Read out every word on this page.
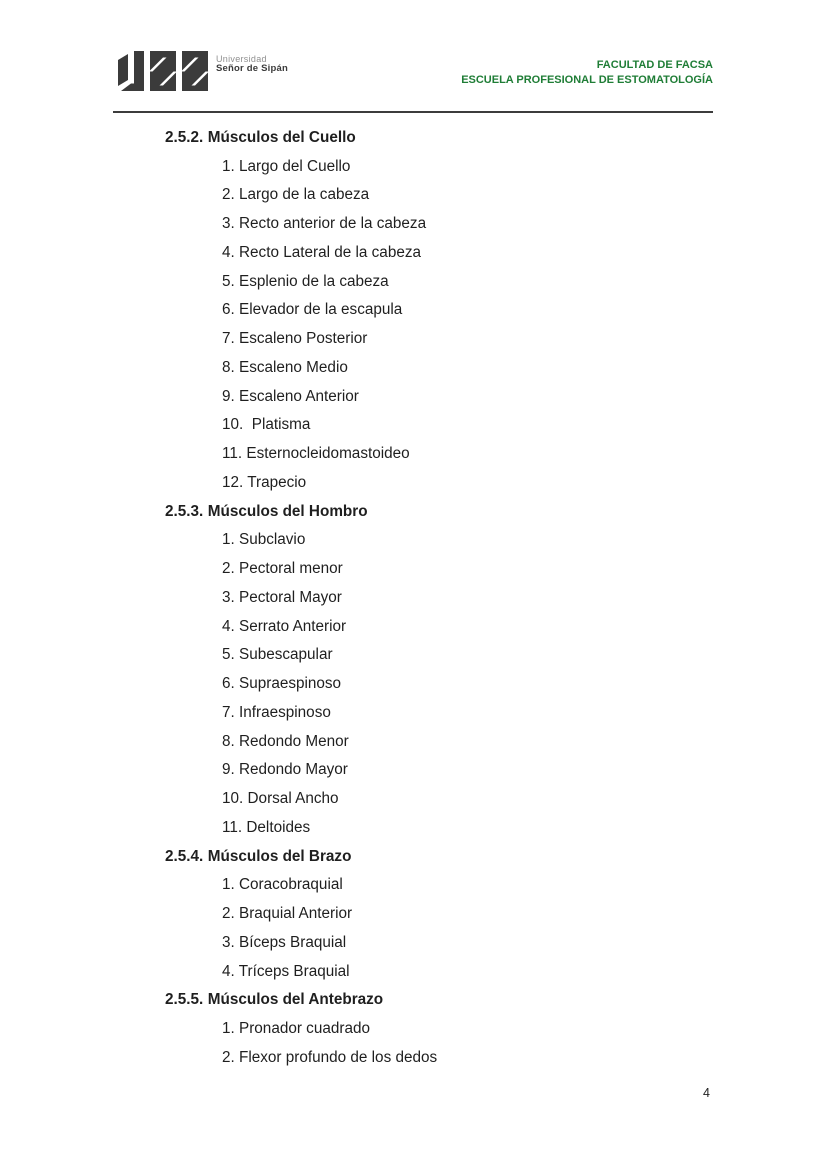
Universidad
Señor de Sipán	FACULTAD DE FACSA
ESCUELA PROFESIONAL DE ESTOMATOLOGÍA
2.5.2. Músculos del Cuello
1. Largo del Cuello
2. Largo de la cabeza
3. Recto anterior de la cabeza
4. Recto Lateral de la cabeza
5. Esplenio de la cabeza
6. Elevador de la escapula
7. Escaleno Posterior
8. Escaleno Medio
9. Escaleno Anterior
10.  Platisma
11. Esternocleidomastoideo
12. Trapecio
2.5.3. Músculos del Hombro
1. Subclavio
2. Pectoral menor
3. Pectoral Mayor
4. Serrato Anterior
5. Subescapular
6. Supraespinoso
7. Infraespinoso
8. Redondo Menor
9. Redondo Mayor
10. Dorsal Ancho
11. Deltoides
2.5.4. Músculos del Brazo
1. Coracobraquial
2. Braquial Anterior
3. Bíceps Braquial
4. Tríceps Braquial
2.5.5. Músculos del Antebrazo
1. Pronador cuadrado
2. Flexor profundo de los dedos
4
